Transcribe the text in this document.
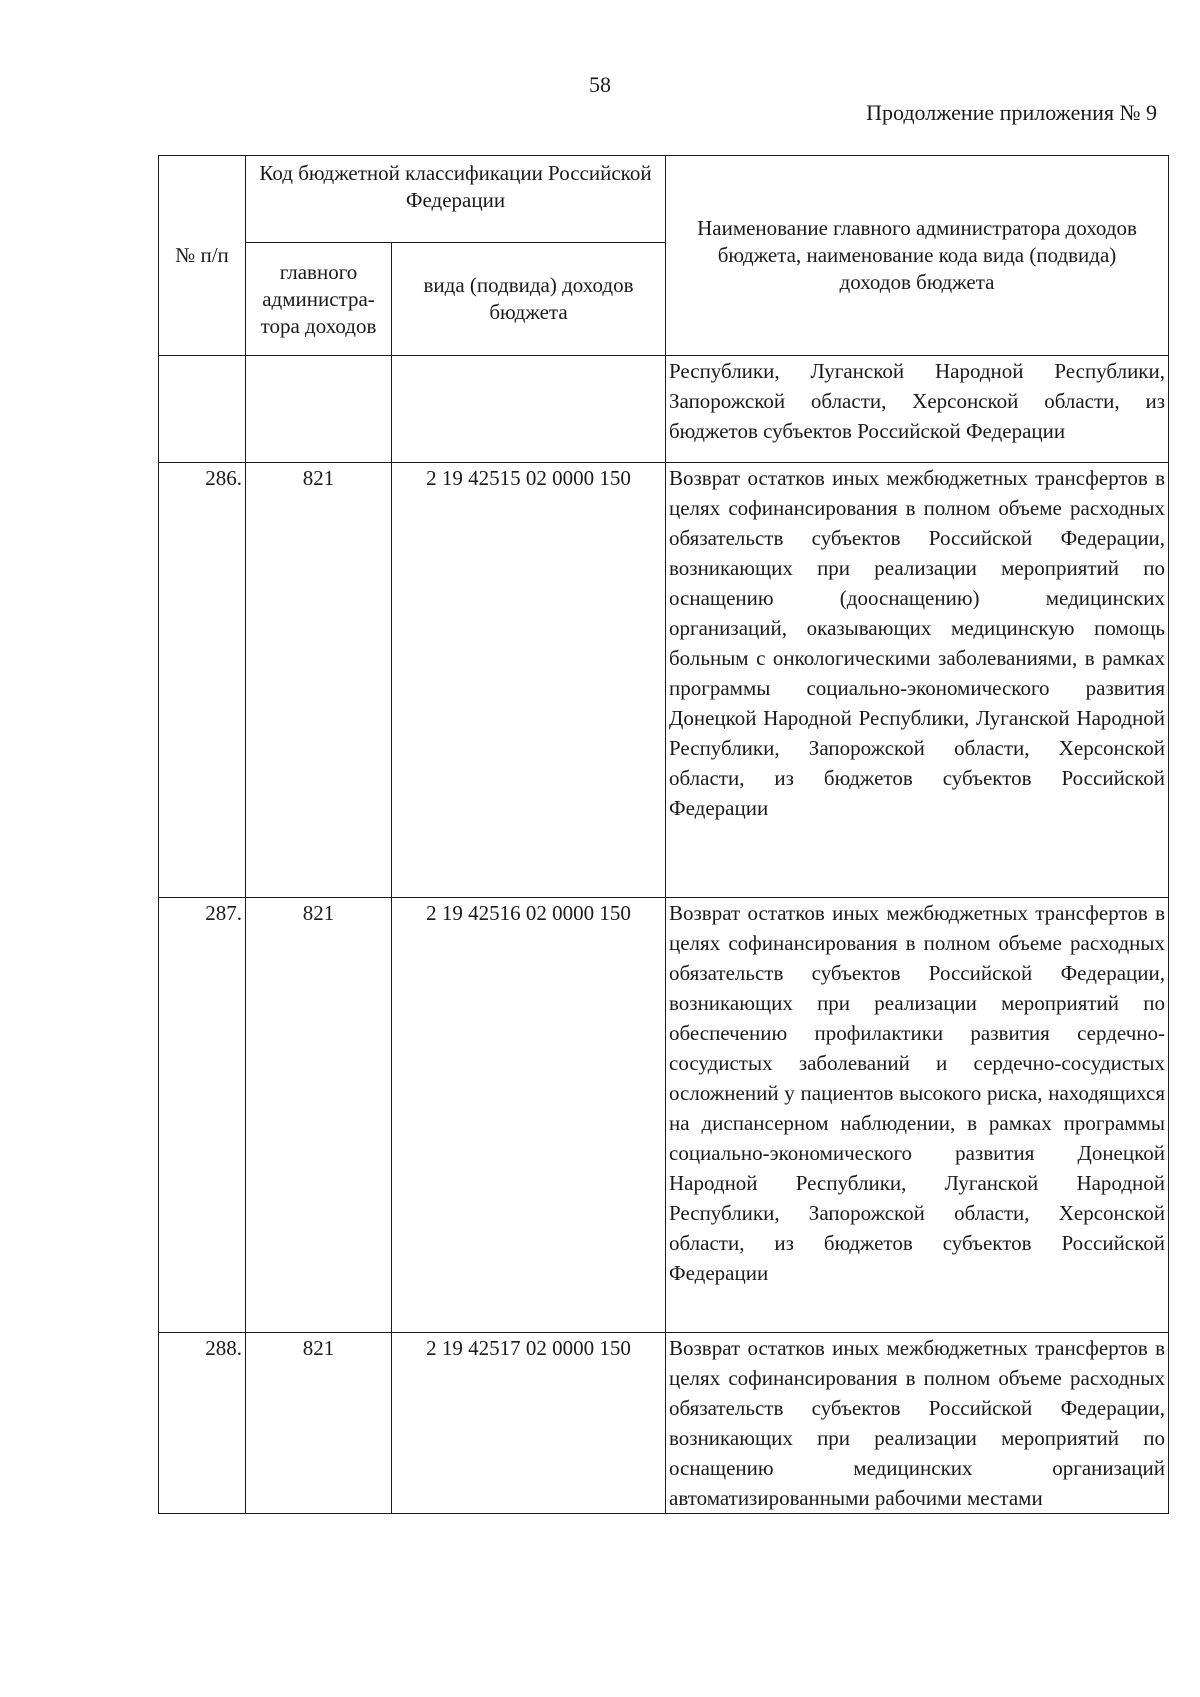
58
Продолжение приложения № 9
№ п/п	Код бюджетной классификации Российской Федерации		Наименование главного администратора доходов бюджета, наименование кода вида (подвида) доходов бюджета
	главного администра-тора доходов	вида (подвида) доходов бюджета	
			Республики, Луганской Народной Республики, Запорожской области, Херсонской области, из бюджетов субъектов Российской Федерации
286.	821	2 19 42515 02 0000 150	Возврат остатков иных межбюджетных трансфертов в целях софинансирования в полном объеме расходных обязательств субъектов Российской Федерации, возникающих при реализации мероприятий по оснащению (дооснащению) медицинских организаций, оказывающих медицинскую помощь больным с онкологическими заболеваниями, в рамках программы социально-экономического развития Донецкой Народной Республики, Луганской Народной Республики, Запорожской области, Херсонской области, из бюджетов субъектов Российской Федерации
287.	821	2 19 42516 02 0000 150	Возврат остатков иных межбюджетных трансфертов в целях софинансирования в полном объеме расходных обязательств субъектов Российской Федерации, возникающих при реализации мероприятий по обеспечению профилактики развития сердечно-сосудистых заболеваний и сердечно-сосудистых осложнений у пациентов высокого риска, находящихся на диспансерном наблюдении, в рамках программы социально-экономического развития Донецкой Народной Республики, Луганской Народной Республики, Запорожской области, Херсонской области, из бюджетов субъектов Российской Федерации
288.	821	2 19 42517 02 0000 150	Возврат остатков иных межбюджетных трансфертов в целях софинансирования в полном объеме расходных обязательств субъектов Российской Федерации, возникающих при реализации мероприятий по оснащению медицинских организаций автоматизированными рабочими местами
